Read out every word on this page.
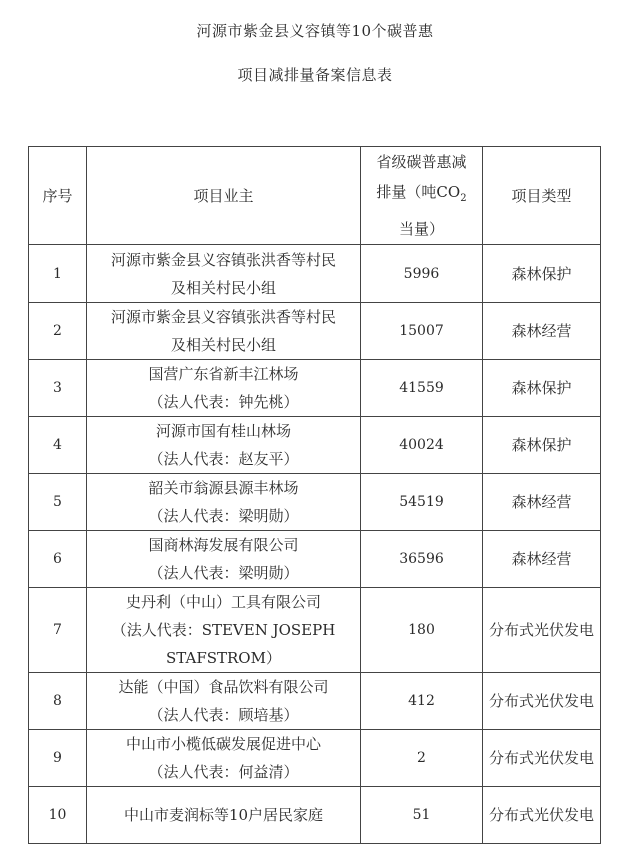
河源市紫金县义容镇等10个碳普惠
项目减排量备案信息表
序号	项目业主	省级碳普惠减
排量（吨$CO_2$
当量）	项目类型
1	河源市紫金县义容镇张洪香等村民
及相关村民小组	5996	森林保护
2	河源市紫金县义容镇张洪香等村民
及相关村民小组	15007	森林经营
3	国营广东省新丰江林场
（法人代表：钟先桃）	41559	森林保护
4	河源市国有桂山林场
（法人代表：赵友平）	40024	森林保护
5	韶关市翁源县源丰林场
（法人代表：梁明勋）	54519	森林经营
6	国商林海发展有限公司
（法人代表：梁明勋）	36596	森林经营
7	史丹利（中山）工具有限公司
（法人代表：STEVEN JOSEPH
STAFSTROM）	180	分布式光伏发电
8	达能（中国）食品饮料有限公司
（法人代表：顾培基）	412	分布式光伏发电
9	中山市小榄低碳发展促进中心
（法人代表：何益清）	2	分布式光伏发电
10	中山市麦润标等10户居民家庭	51	分布式光伏发电
